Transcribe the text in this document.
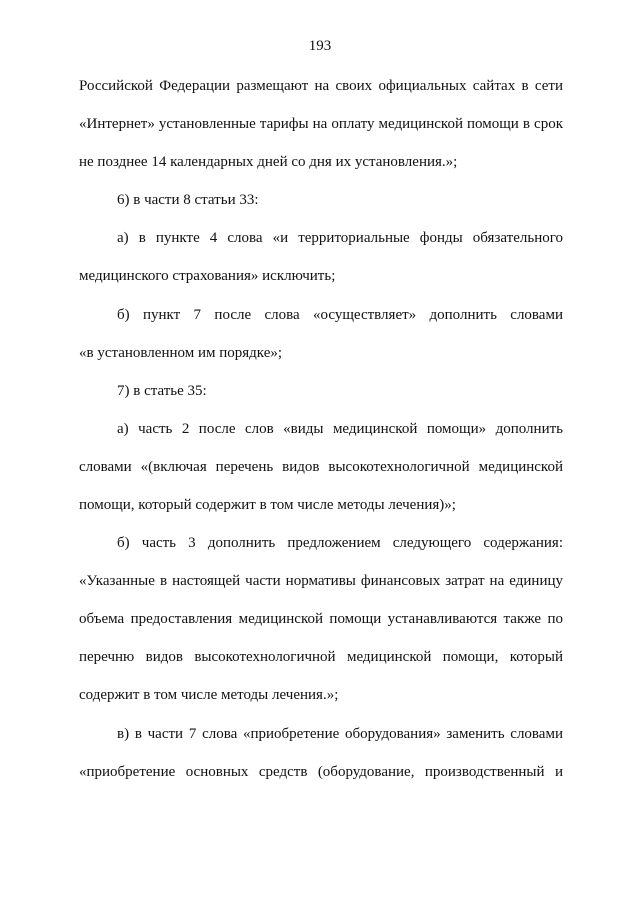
193
Российской Федерации размещают на своих официальных сайтах в сети
«Интернет» установленные тарифы на оплату медицинской помощи в срок
не позднее 14 календарных дней со дня их установления.»;
6) в части 8 статьи 33:
а) в пункте 4 слова «и территориальные фонды обязательного
медицинского страхования» исключить;
б) пункт 7 после слова «осуществляет» дополнить словами
«в установленном им порядке»;
7) в статье 35:
а) часть 2 после слов «виды медицинской помощи» дополнить
словами «(включая перечень видов высокотехнологичной медицинской
помощи, который содержит в том числе методы лечения)»;
б) часть 3 дополнить предложением следующего содержания:
«Указанные в настоящей части нормативы финансовых затрат на единицу
объема предоставления медицинской помощи устанавливаются также по
перечню видов высокотехнологичной медицинской помощи, который
содержит в том числе методы лечения.»;
в) в части 7 слова «приобретение оборудования» заменить словами
«приобретение основных средств (оборудование, производственный и
